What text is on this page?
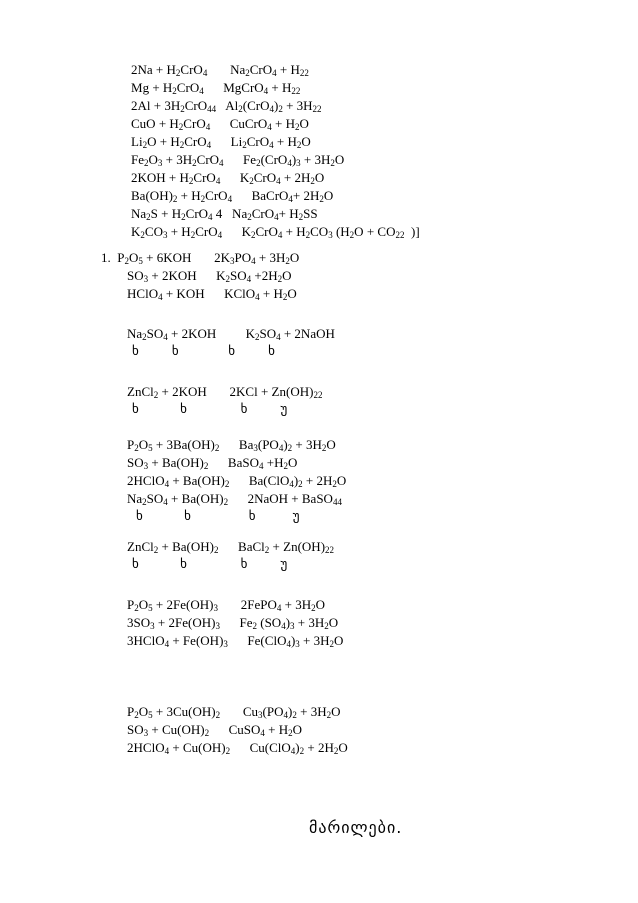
$2Na + H_2CrO_4$ $Na_2CrO_4 + H_{22}$
$Mg + H_2CrO_4$ MgCrO$_4$ + $H_{22}$
$2Al + 3H_2CrO_{44}$ $Al_2(CrO_4)_2 + 3H_{22}$
CuO + $H_2CrO_4$ CuCrO$_4$ + $H_2O$
$Li_2O + H_2CrO_4$ $Li_2CrO_4 + H_2O$
$Fe_2O_3 + 3H_2CrO_4$ $Fe_2(CrO_4)_3 + 3H_2O$
$2KOH + H_2CrO_4$ $K_2CrO_4 + 2H_2O$
$Ba(OH)_2 + H_2CrO_4$ BaCrO$_4$+ $2H_2O$
$Na_2S + H_2CrO_4$ 4 $Na_2CrO_4+ H_2SS$
$K_2CO_3 + H_2CrO_4$ $K_2CrO_4 + H_2CO_3$ ($H_2O + CO_{22}$ )]
1. $P_2O_5 + 6KOH$ $2K_3PO_4 + 3H_2O$
$SO_3 + 2KOH$ $K_2SO_4 +2H_2O$
HClO$_4$ + KOH KClO$_4$ + $H_2O$
$Na_2SO_4 + 2KOH$ $K_2SO_4$ + 2NaOH
ხ        ხ            ხ        ხ
ZnCl$_2$ + 2KOH $2KCl + Zn(OH)_{22}$
ხ          ხ             ხ        უ
$P_2O_5 + 3Ba(OH)_2$ $Ba_3(PO_4)_2 + 3H_2O$
$SO_3 + Ba(OH)_2$ BaSO$_4$ $+H_2O$
2HClO$_4$ + $Ba(OH)_2$ $Ba(ClO_4)_2 + 2H_2O$
$Na_2SO_4 + Ba(OH)_2$ 2NaOH + BaSO$_{44}$
ხ          ხ              ხ         უ
ZnCl$_2$ + $Ba(OH)_2$ BaCl$_2$ + $Zn(OH)_{22}$
ხ          ხ             ხ        უ
$P_2O_5 + 2Fe(OH)_3$ 2FePO$_4$ + $3H_2O$
$3SO_3 + 2Fe(OH)_3$ $Fe_2$ $(SO_4)_3 + 3H_2O$
3HClO$_4$ + $Fe(OH)_3$ $Fe(ClO_4)_3 + 3H_2O$
$P_2O_5 + 3Cu(OH)_2$ $Cu_3(PO_4)_2 + 3H_2O$
$SO_3 + Cu(OH)_2$ CuSO$_4$ + $H_2O$
2HClO$_4$ + $Cu(OH)_2$ $Cu(ClO_4)_2 + 2H_2O$
მარილები.
